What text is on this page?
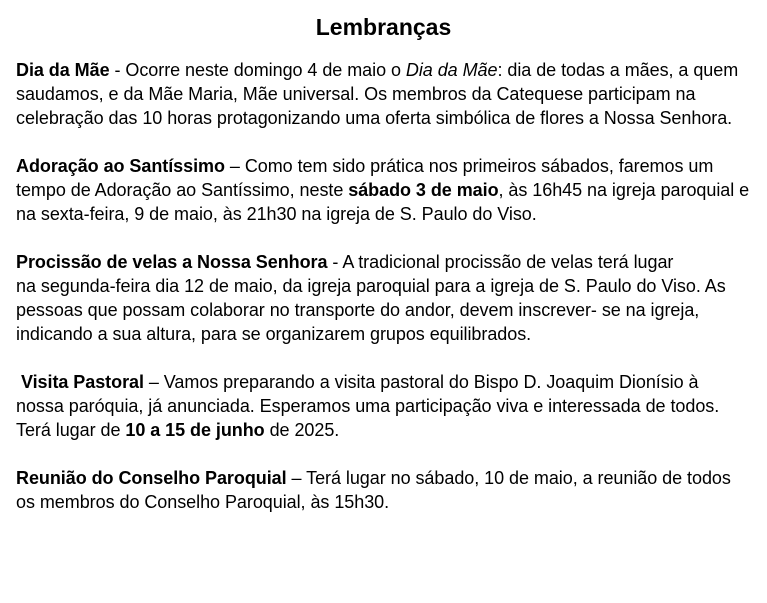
Lembranças

Dia da Mãe - Ocorre neste domingo 4 de maio o Dia da Mãe: dia de todas a mães, a quem saudamos, e da Mãe Maria, Mãe universal. Os membros da Catequese participam na celebração das 10 horas protagonizando uma oferta simbólica de flores a Nossa Senhora.

Adoração ao Santíssimo – Como tem sido prática nos primeiros sábados, faremos um tempo de Adoração ao Santíssimo, neste sábado 3 de maio, às 16h45 na igreja paroquial e na sexta-feira, 9 de maio, às 21h30 na igreja de S. Paulo do Viso.

Procissão de velas a Nossa Senhora - A tradicional procissão de velas terá lugar
na segunda-feira dia 12 de maio, da igreja paroquial para a igreja de S. Paulo do Viso. As pessoas que possam colaborar no transporte do andor, devem inscrever- se na igreja, indicando a sua altura, para se organizarem grupos equilibrados.

Visita Pastoral – Vamos preparando a visita pastoral do Bispo D. Joaquim Dionísio à nossa paróquia, já anunciada. Esperamos uma participação viva e interessada de todos. Terá lugar de 10 a 15 de junho de 2025.

Reunião do Conselho Paroquial – Terá lugar no sábado, 10 de maio, a reunião de todos os membros do Conselho Paroquial, às 15h30.
